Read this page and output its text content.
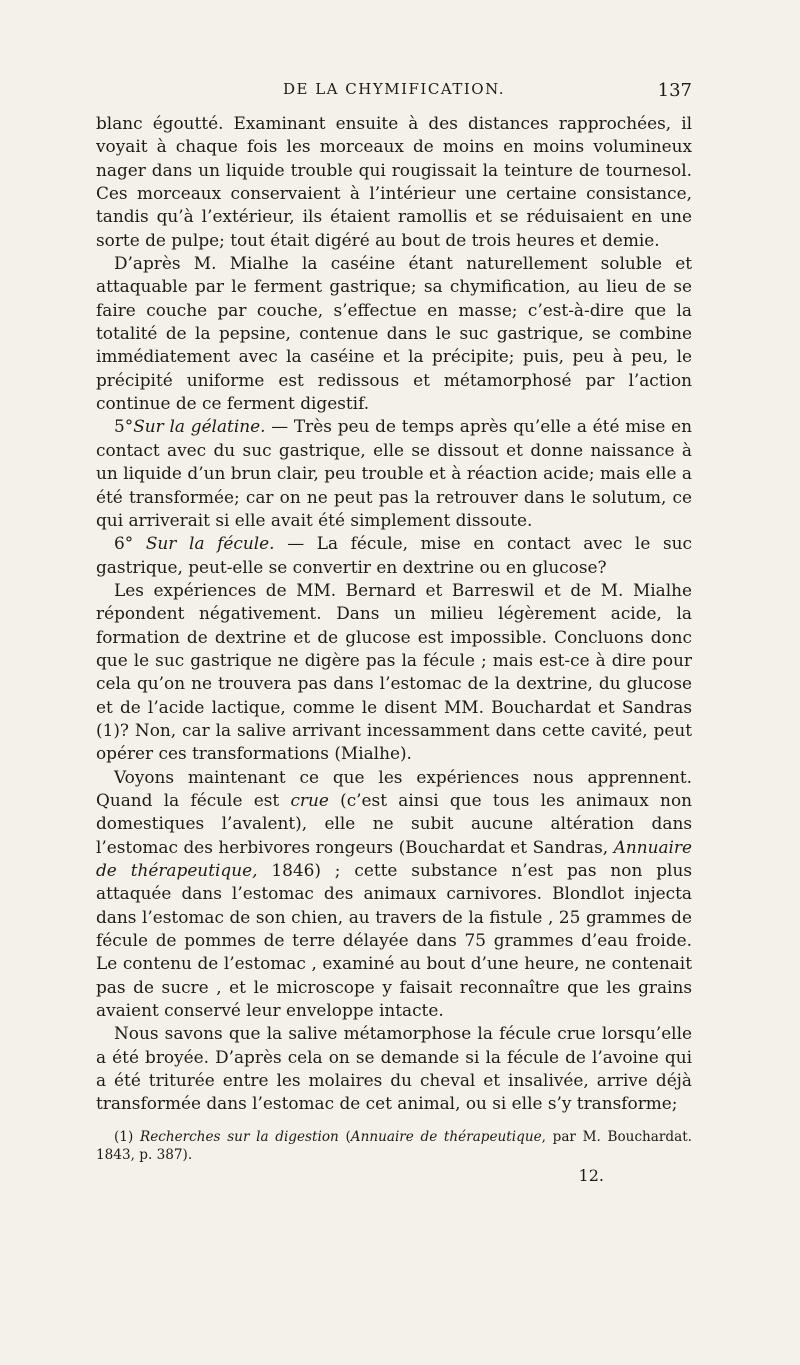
DE LA CHYMIFICATION.	137

blanc égoutté. Examinant ensuite à des distances rapprochées, il voyait à chaque fois les morceaux de moins en moins volumineux nager dans un liquide trouble qui rougissait la teinture de tournesol. Ces morceaux conservaient à l’intérieur une certaine consistance, tandis qu’à l’extérieur, ils étaient ramollis et se réduisaient en une sorte de pulpe; tout était digéré au bout de trois heures et demie.

D’après M. Mialhe la caséine étant naturellement soluble et attaquable par le ferment gastrique; sa chymification, au lieu de se faire couche par couche, s’effectue en masse; c’est-à-dire que la totalité de la pepsine, contenue dans le suc gastrique, se combine immédiatement avec la caséine et la précipite; puis, peu à peu, le précipité uniforme est redissous et métamorphosé par l’action continue de ce ferment digestif.

5°Sur la gélatine. — Très peu de temps après qu’elle a été mise en contact avec du suc gastrique, elle se dissout et donne naissance à un liquide d’un brun clair, peu trouble et à réaction acide; mais elle a été transformée; car on ne peut pas la retrouver dans le solutum, ce qui arriverait si elle avait été simplement dissoute.

6° Sur la fécule. — La fécule, mise en contact avec le suc gastrique, peut-elle se convertir en dextrine ou en glucose?

Les expériences de MM. Bernard et Barreswil et de M. Mialhe répondent négativement. Dans un milieu légèrement acide, la formation de dextrine et de glucose est impossible. Concluons donc que le suc gastrique ne digère pas la fécule ; mais est-ce à dire pour cela qu’on ne trouvera pas dans l’estomac de la dextrine, du glucose et de l’acide lactique, comme le disent MM. Bouchardat et Sandras (1)? Non, car la salive arrivant incessamment dans cette cavité, peut opérer ces transformations (Mialhe).

Voyons maintenant ce que les expériences nous apprennent. Quand la fécule est crue (c’est ainsi que tous les animaux non domestiques l’avalent), elle ne subit aucune altération dans l’estomac des herbivores rongeurs (Bouchardat et Sandras, Annuaire de thérapeutique, 1846) ; cette substance n’est pas non plus attaquée dans l’estomac des animaux carnivores. Blondlot injecta dans l’estomac de son chien, au travers de la fistule , 25 grammes de fécule de pommes de terre délayée dans 75 grammes d’eau froide. Le contenu de l’estomac , examiné au bout d’une heure, ne contenait pas de sucre , et le microscope y faisait reconnaître que les grains avaient conservé leur enveloppe intacte.

Nous savons que la salive métamorphose la fécule crue lorsqu’elle a été broyée. D’après cela on se demande si la fécule de l’avoine qui a été triturée entre les molaires du cheval et insalivée, arrive déjà transformée dans l’estomac de cet animal, ou si elle s’y transforme;

(1) Recherches sur la digestion (Annuaire de thérapeutique, par M. Bouchardat. 1843, p. 387).
12.
